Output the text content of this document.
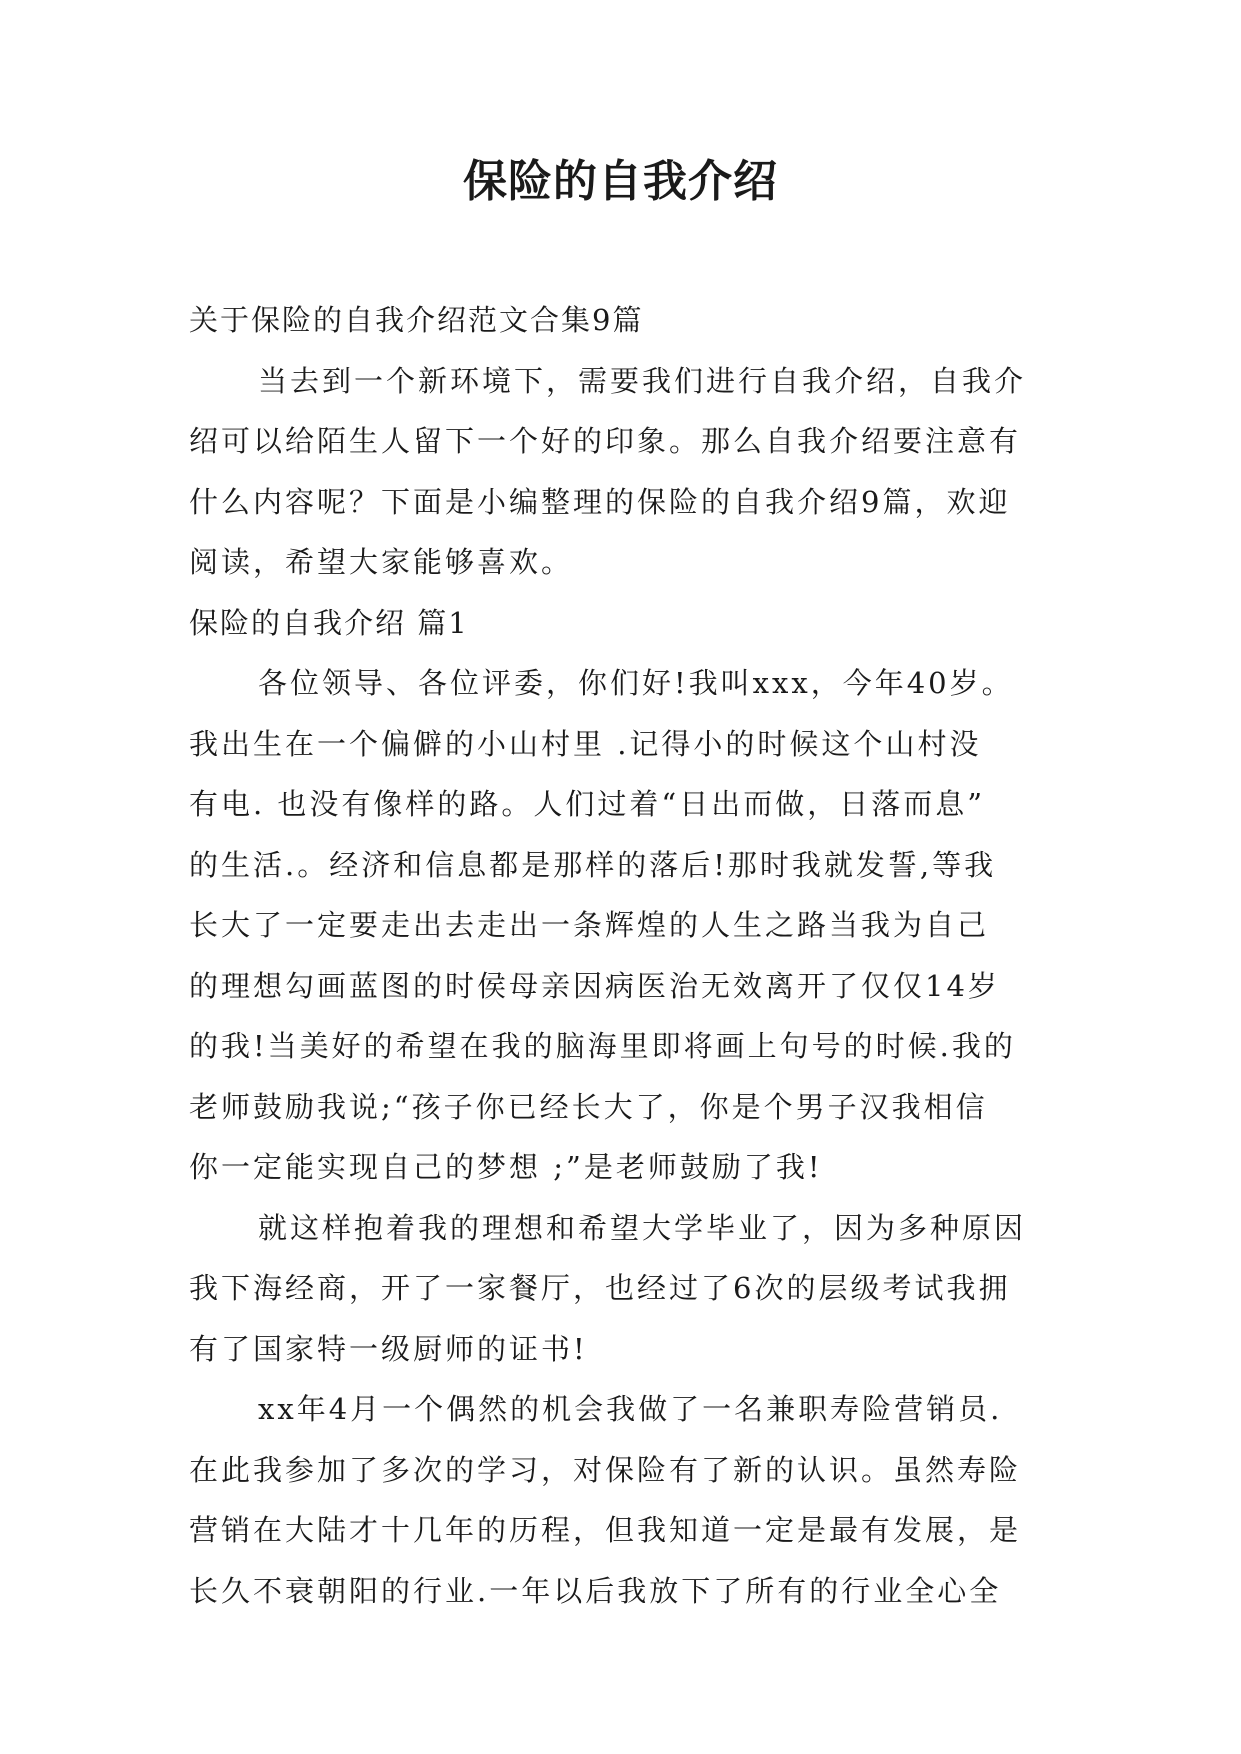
保险的自我介绍
关于保险的自我介绍范文合集9篇
当去到一个新环境下，需要我们进行自我介绍，自我介
绍可以给陌生人留下一个好的印象。那么自我介绍要注意有
什么内容呢？下面是小编整理的保险的自我介绍9篇，欢迎
阅读，希望大家能够喜欢。
保险的自我介绍 篇1
各位领导、各位评委，你们好!我叫xxx，今年40岁。
我出生在一个偏僻的小山村里 .记得小的时候这个山村没
有电. 也没有像样的路。人们过着“日出而做，日落而息”
的生活.。经济和信息都是那样的落后!那时我就发誓,等我
长大了一定要走出去走出一条辉煌的人生之路当我为自己
的理想勾画蓝图的时侯母亲因病医治无效离开了仅仅14岁
的我!当美好的希望在我的脑海里即将画上句号的时候.我的
老师鼓励我说;“孩子你已经长大了，你是个男子汉我相信
你一定能实现自己的梦想 ;”是老师鼓励了我!
就这样抱着我的理想和希望大学毕业了，因为多种原因
我下海经商，开了一家餐厅，也经过了6次的层级考试我拥
有了国家特一级厨师的证书!
xx年4月一个偶然的机会我做了一名兼职寿险营销员.
在此我参加了多次的学习，对保险有了新的认识。虽然寿险
营销在大陆才十几年的历程，但我知道一定是最有发展，是
长久不衰朝阳的行业.一年以后我放下了所有的行业全心全
